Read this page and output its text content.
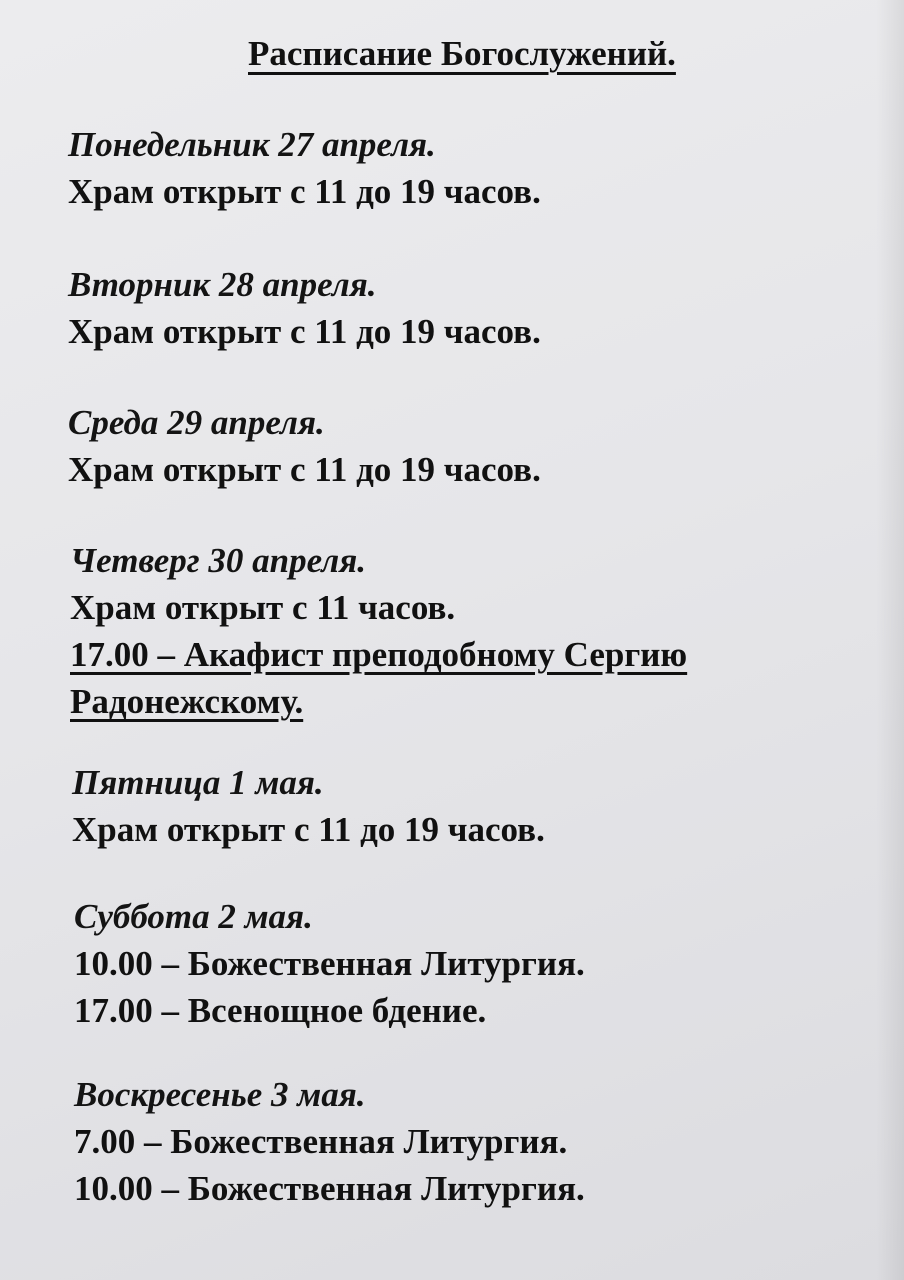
Расписание Богослужений.
Понедельник 27 апреля.
Храм открыт с 11 до 19 часов.
Вторник 28 апреля.
Храм открыт с 11 до 19 часов.
Среда 29 апреля.
Храм открыт с 11 до 19 часов.
Четверг 30 апреля.
Храм открыт с 11 часов.
17.00 – Акафист преподобному Сергию
Радонежскому.
Пятница 1 мая.
Храм открыт с 11 до 19 часов.
Суббота 2 мая.
10.00 – Божественная Литургия.
17.00 – Всенощное бдение.
Воскресенье 3 мая.
7.00 – Божественная Литургия.
10.00 – Божественная Литургия.
